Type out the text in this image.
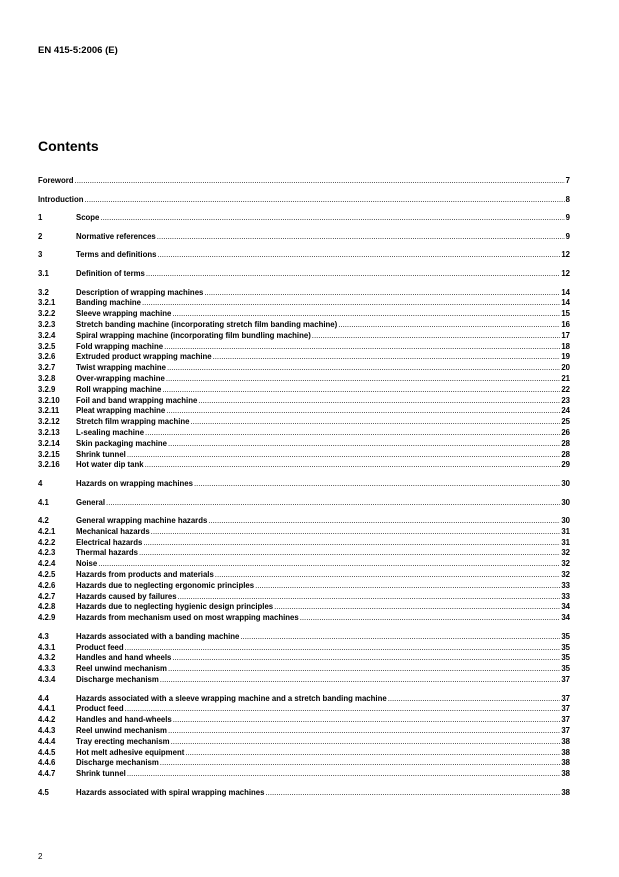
EN 415-5:2006 (E)
Contents
Foreword .....	7
Introduction .....	8
1	Scope .....	9
2	Normative references .....	9
3	Terms and definitions .....	12
3.1	Definition of terms .....	12
3.2	Description of wrapping machines .....	14
3.2.1	Banding machine .....	14
3.2.2	Sleeve wrapping machine .....	15
3.2.3	Stretch banding machine (incorporating stretch film banding machine) .....	16
3.2.4	Spiral wrapping machine (incorporating film bundling machine) .....	17
3.2.5	Fold wrapping machine .....	18
3.2.6	Extruded product wrapping machine .....	19
3.2.7	Twist wrapping machine .....	20
3.2.8	Over-wrapping machine .....	21
3.2.9	Roll wrapping machine .....	22
3.2.10 Foil and band wrapping machine .....	23
3.2.11 Pleat wrapping machine .....	24
3.2.12 Stretch film wrapping machine .....	25
3.2.13 L-sealing machine .....	26
3.2.14 Skin packaging machine .....	28
3.2.15 Shrink tunnel .....	28
3.2.16 Hot water dip tank .....	29
4	Hazards on wrapping machines .....	30
4.1	General .....	30
4.2	General wrapping machine hazards .....	30
4.2.1	Mechanical hazards .....	31
4.2.2	Electrical hazards .....	31
4.2.3	Thermal hazards .....	32
4.2.4	Noise .....	32
4.2.5	Hazards from products and materials .....	32
4.2.6	Hazards due to neglecting ergonomic principles .....	33
4.2.7	Hazards caused by failures .....	33
4.2.8	Hazards due to neglecting hygienic design principles .....	34
4.2.9	Hazards from mechanism used on most wrapping machines .....	34
4.3	Hazards associated with a banding machine .....	35
4.3.1	Product feed .....	35
4.3.2	Handles and hand wheels .....	35
4.3.3	Reel unwind mechanism .....	35
4.3.4	Discharge mechanism .....	37
4.4	Hazards associated with a sleeve wrapping machine and a stretch banding machine .....	37
4.4.1	Product feed .....	37
4.4.2	Handles and hand-wheels .....	37
4.4.3	Reel unwind mechanism .....	37
4.4.4	Tray erecting mechanism .....	38
4.4.5	Hot melt adhesive equipment .....	38
4.4.6	Discharge mechanism .....	38
4.4.7	Shrink tunnel .....	38
4.5	Hazards associated with spiral wrapping machines .....	38
2
